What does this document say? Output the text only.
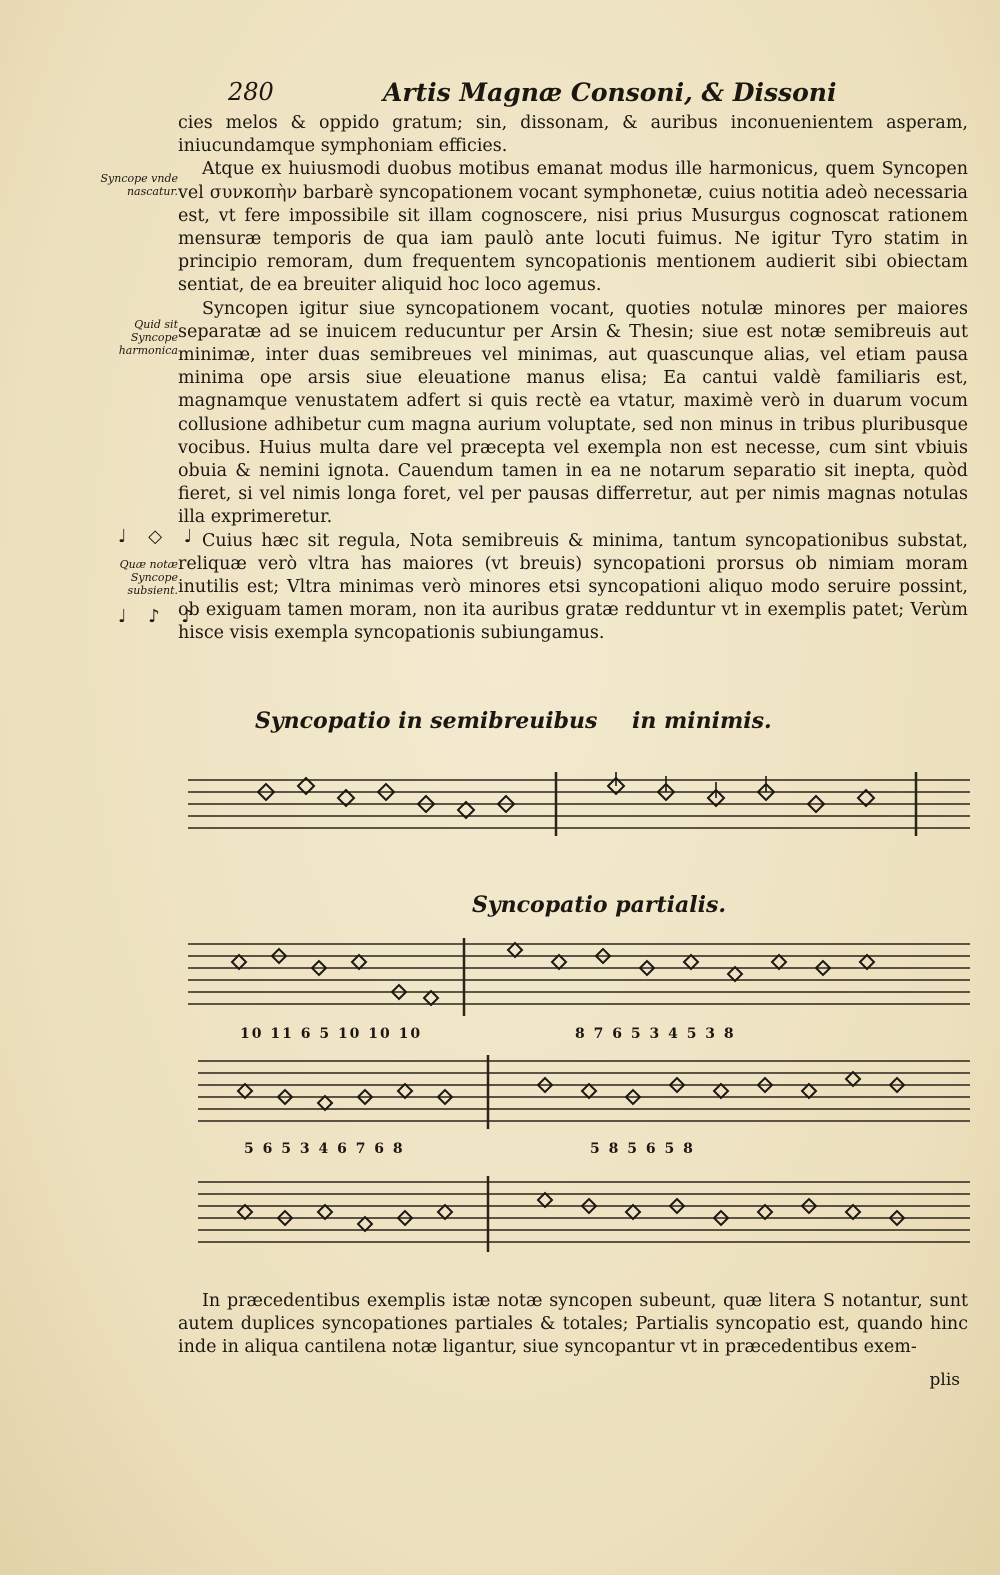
280	Artis Magnæ Consoni, & Dissoni

cies melos & oppido gratum; sin, dissonam, & auribus inconuenientem asperam, iniucundamque symphoniam efficies.

Atque ex huiusmodi duobus motibus emanat modus ille harmonicus, quem Syncopen vel συνκοπὴν barbarè syncopationem vocant symphonetæ, cuius notitia adeò necessaria est, vt fere impossibile sit illam cognoscere, nisi prius Musurgus cognoscat rationem mensuræ temporis de qua iam paulò ante locuti fuimus. Ne igitur Tyro statim in principio remoram, dum frequentem syncopationis mentionem audierit sibi obiectam sentiat, de ea breuiter aliquid hoc loco agemus.

Syncopen igitur siue syncopationem vocant, quoties notulæ minores per maiores separatæ ad se inuicem reducuntur per Arsin & Thesin; siue est notæ semibreuis aut minimæ, inter duas semibreues vel minimas, aut quascunque alias, vel etiam pausa minima ope arsis siue eleuatione manus elisa; Ea cantui valdè familiaris est, magnamque venustatem adfert si quis rectè ea vtatur, maximè verò in duarum vocum collusione adhibetur cum magna aurium voluptate, sed non minus in tribus pluribusque vocibus. Huius multa dare vel præcepta vel exempla non est necesse, cum sint vbiuis obuia & nemini ignota. Cauendum tamen in ea ne notarum separatio sit inepta, quòd fieret, si vel nimis longa foret, vel per pausas differretur, aut per nimis magnas notulas illa exprimeretur.

Cuius hæc sit regula, Nota semibreuis & minima, tantum syncopationibus substat, reliquæ verò vltra has maiores (vt breuis) syncopationi prorsus ob nimiam moram inutilis est; Vltra minimas verò minores etsi syncopationi aliquo modo seruire possint, ob exiguam tamen moram, non ita auribus gratæ redduntur vt in exemplis patet; Verùm hisce visis exempla syncopationis subiungamus.

Syncope vnde nascatur.
Quid sit Syncope harmonica
♩ ◇ ♩
Quæ notæ Syncope subsient.
♩ ♪ ♪
Syncopatio in semibreuibus in minimis.
Syncopatio partialis.
10 11 6 5 10 10 10	8 7 6 5 3 4 5 3 8
5 6 5 3 4 6 7 6 8	5 8 5 6 5 8

In præcedentibus exemplis istæ notæ syncopen subeunt, quæ litera S notantur, sunt autem duplices syncopationes partiales & totales; Partialis syncopatio est, quando hinc inde in aliqua cantilena notæ ligantur, siue syncopantur vt in præcedentibus exem-

plis
